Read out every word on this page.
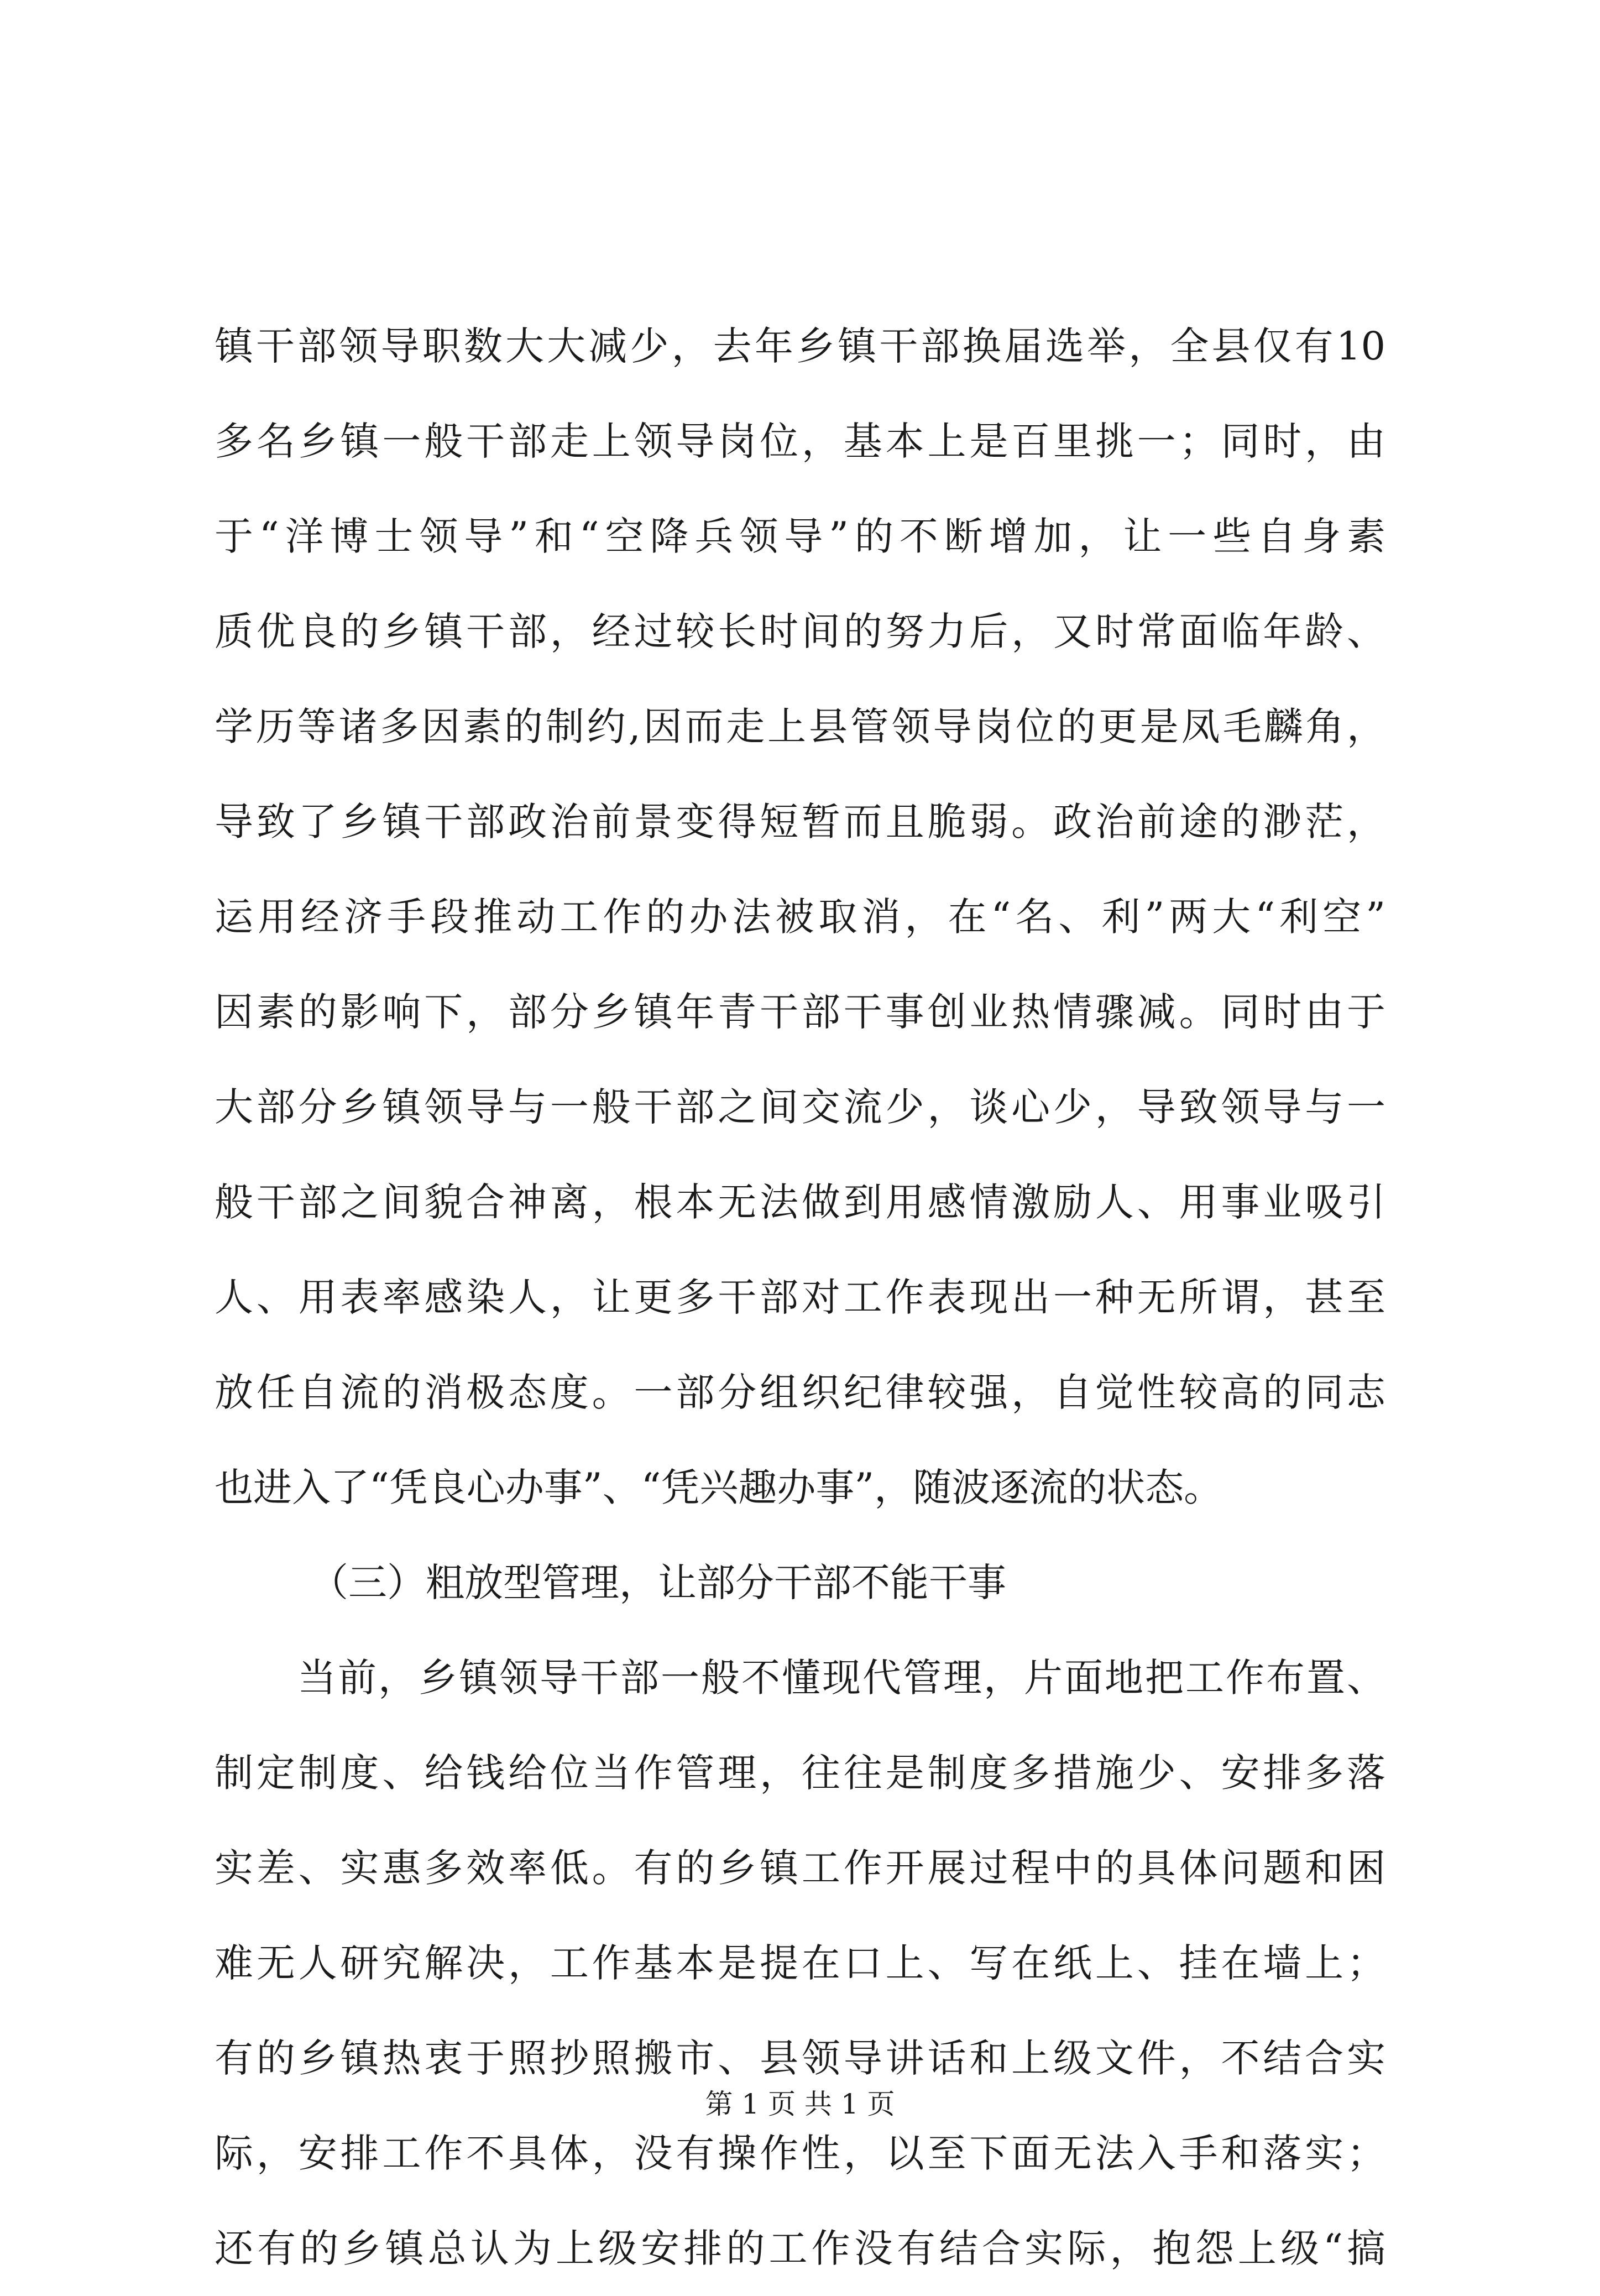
镇干部领导职数大大减少，去年乡镇干部换届选举，全县仅有10
多名乡镇一般干部走上领导岗位，基本上是百里挑一；同时，由
于“洋博士领导”和“空降兵领导”的不断增加，让一些自身素
质优良的乡镇干部，经过较长时间的努力后，又时常面临年龄、
学历等诸多因素的制约,因而走上县管领导岗位的更是凤毛麟角，
导致了乡镇干部政治前景变得短暂而且脆弱。政治前途的渺茫，
运用经济手段推动工作的办法被取消，在“名、利”两大“利空”
因素的影响下，部分乡镇年青干部干事创业热情骤减。同时由于
大部分乡镇领导与一般干部之间交流少，谈心少，导致领导与一
般干部之间貌合神离，根本无法做到用感情激励人、用事业吸引
人、用表率感染人，让更多干部对工作表现出一种无所谓，甚至
放任自流的消极态度。一部分组织纪律较强，自觉性较高的同志
也进入了“凭良心办事”、“凭兴趣办事”，随波逐流的状态。
（三）粗放型管理，让部分干部不能干事
当前，乡镇领导干部一般不懂现代管理，片面地把工作布置、
制定制度、给钱给位当作管理，往往是制度多措施少、安排多落
实差、实惠多效率低。有的乡镇工作开展过程中的具体问题和困
难无人研究解决，工作基本是提在口上、写在纸上、挂在墙上；
有的乡镇热衷于照抄照搬市、县领导讲话和上级文件，不结合实
际，安排工作不具体，没有操作性，以至下面无法入手和落实；
还有的乡镇总认为上级安排的工作没有结合实际，抱怨上级“搞
第 1 页 共 1 页
